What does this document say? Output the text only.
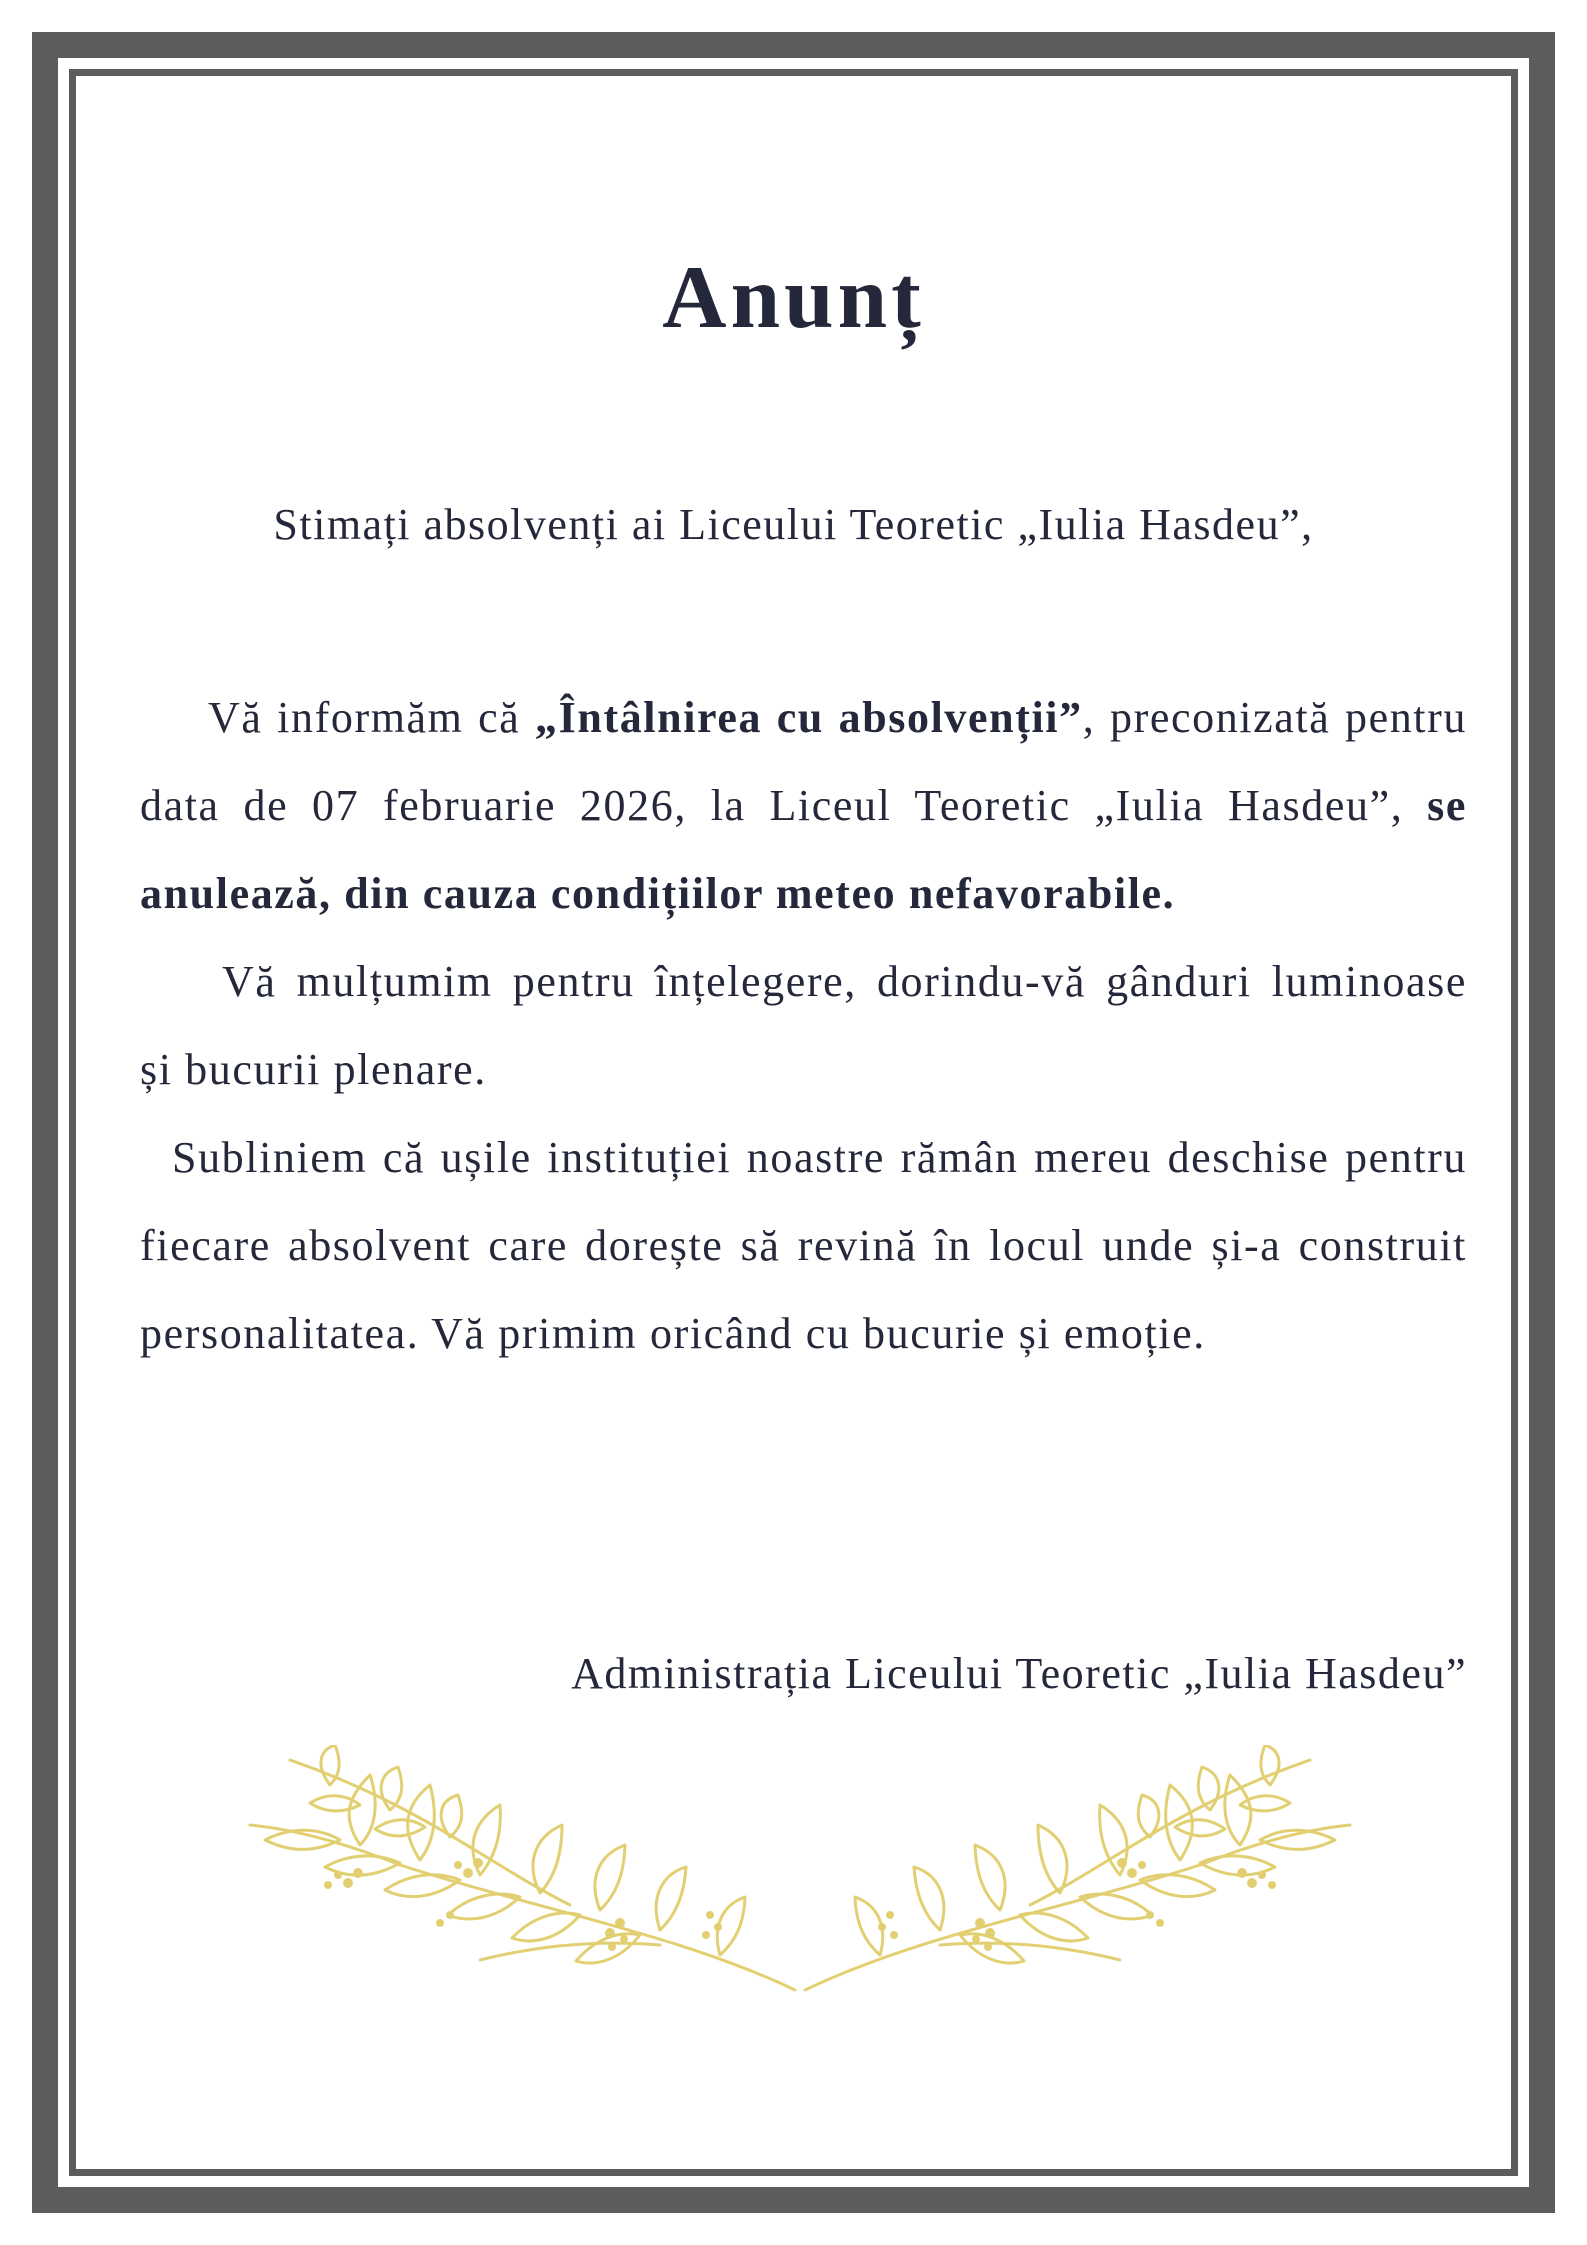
Anunț
Stimați absolvenți ai Liceului Teoretic „Iulia Hasdeu”,

Vă informăm că „Întâlnirea cu absolvenții”, preconizată pentru data de 07 februarie 2026, la Liceul Teoretic „Iulia Hasdeu”, se anulează, din cauza condițiilor meteo nefavorabile.

Vă mulțumim pentru înțelegere, dorindu-vă gânduri luminoase și bucurii plenare.

Subliniem că ușile instituției noastre rămân mereu deschise pentru fiecare absolvent care dorește să revină în locul unde și-a construit personalitatea. Vă primim oricând cu bucurie și emoție.

Administrația Liceului Teoretic „Iulia Hasdeu”
